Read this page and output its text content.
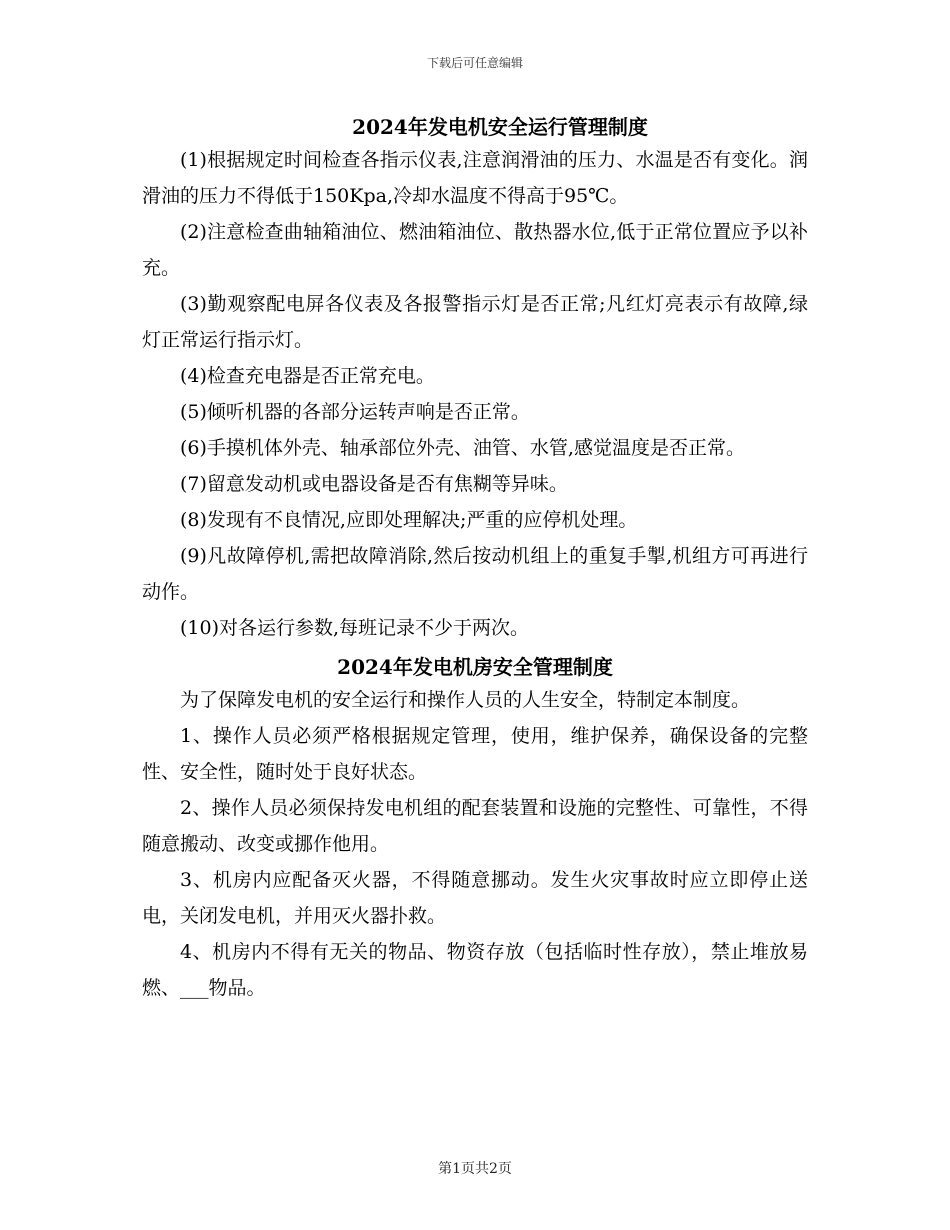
下载后可任意编辑
2024年发电机安全运行管理制度

(1)根据规定时间检查各指示仪表,注意润滑油的压力、水温是否有变化。润滑油的压力不得低于150Kpa,冷却水温度不得高于95℃。

(2)注意检查曲轴箱油位、燃油箱油位、散热器水位,低于正常位置应予以补充。

(3)勤观察配电屏各仪表及各报警指示灯是否正常;凡红灯亮表示有故障,绿灯正常运行指示灯。

(4)检查充电器是否正常充电。

(5)倾听机器的各部分运转声响是否正常。

(6)手摸机体外壳、轴承部位外壳、油管、水管,感觉温度是否正常。

(7)留意发动机或电器设备是否有焦糊等异味。

(8)发现有不良情况,应即处理解决;严重的应停机处理。

(9)凡故障停机,需把故障消除,然后按动机组上的重复手掣,机组方可再进行动作。

(10)对各运行参数,每班记录不少于两次。

2024年发电机房安全管理制度

为了保障发电机的安全运行和操作人员的人生安全，特制定本制度。

1、操作人员必须严格根据规定管理，使用，维护保养，确保设备的完整性、安全性，随时处于良好状态。

2、操作人员必须保持发电机组的配套装置和设施的完整性、可靠性，不得随意搬动、改变或挪作他用。

3、机房内应配备灭火器，不得随意挪动。发生火灾事故时应立即停止送电，关闭发电机，并用灭火器扑救。

4、机房内不得有无关的物品、物资存放（包括临时性存放），禁止堆放易燃、___物品。

第1页共2页
